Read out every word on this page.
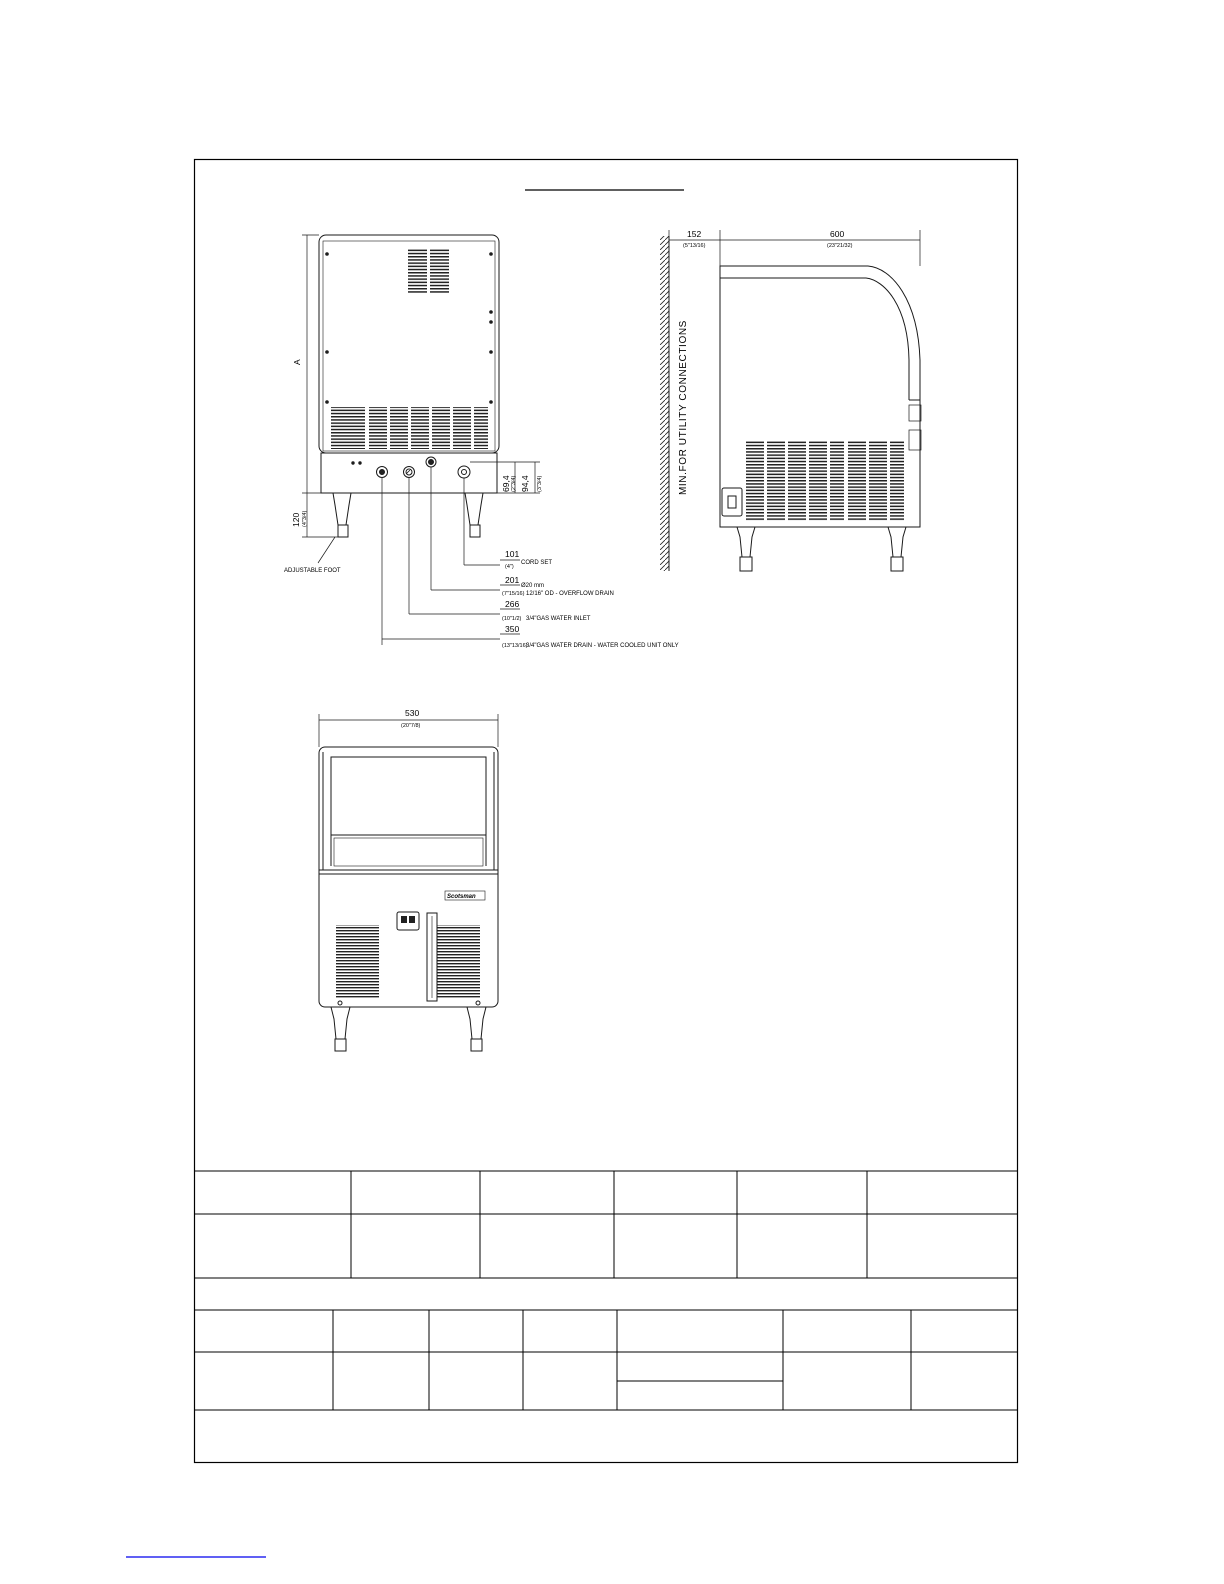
A
120 (4"3/4)
ADJUSTABLE FOOT
69,4 (2"3/4) 94,4 (3"3/4)
101
(4")
CORD SET
201
(7"15/16)
Ø20 mm
12/16" OD - OVERFLOW DRAIN
266
(10"1/2) 3/4"GAS WATER INLET
350
(13"13/16)
3/4"GAS WATER DRAIN - WATER COOLED UNIT ONLY
152
(5"13/16)
600
(23"21/32)
MIN.FOR UTILITY CONNECTIONS
Scotsman
530
(20"7/8)
